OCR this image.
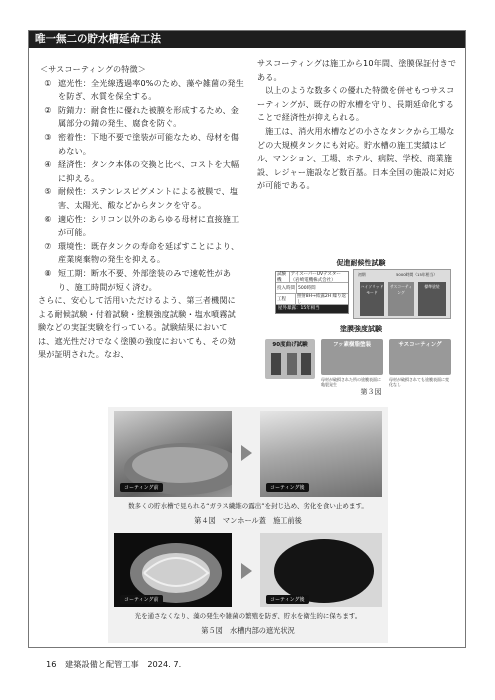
唯一無二の貯水槽延命工法
＜サスコーティングの特徴＞
① 遮光性：全光線透過率0%のため、藻や雑菌の発生を防ぎ、水質を保全する。
② 防錆力：耐食性に優れた被膜を形成するため、金属部分の錆の発生、腐食を防ぐ。
③ 密着性：下地不要で塗装が可能なため、母材を傷めない。
④ 経済性：タンク本体の交換と比べ、コストを大幅に抑える。
⑤ 耐候性：ステンレスピグメントによる被膜で、塩害、太陽光、酸などからタンクを守る。
⑥ 適応性：シリコン以外のあらゆる母材に直接施工が可能。
⑦ 環境性：既存タンクの寿命を延ばすことにより、産業廃棄物の発生を抑える。
⑧ 短工期：断水不要、外部塗装のみで速乾性があり、施工時間が短く済む。
さらに、安心して活用いただけるよう、第三者機関による耐候試験・付着試験・塗膜強度試験・塩水噴霧試験などの実証実験を行っている。試験結果においては、遮光性だけでなく塗膜の強度においても、その効果が証明された。なお、
サスコーティングは施工から10年間、塗膜保証付きである。
以上のような数多くの優れた特徴を併せもつサスコーティングが、既存の貯水槽を守り、長期延命化することで経済性が抑えられる。
施工は、消火用水槽などの小さなタンクから工場などの大規模タンクにも対応。貯水槽の施工実績はビル、マンション、工場、ホテル、病院、学校、商業施設、レジャー施設など数百基。日本全国の施設に対応が可能である。
促進耐候性試験
試験機
アイスーパーUVテスター（岩崎電機株式会社）
投入時間 500時間
工程
照射8H→結露2H 繰り返し
屋外暴露：15年相当
初期	5000時間（15年相当）
ハイソリッドモード
サスコーティング
標準塗装
塗膜強度試験
90度曲げ試験	フッ素樹脂塗装	サスコーティング
母材が破損された所の塗膜表面に亀裂発生
母材が破損されても塗膜表面に変化なし
第３図
コーティング前	コーティング後
数多くの貯水槽で見られる“ガラス繊維の露出”を封じ込め、劣化を食い止めます。
第４図　マンホール蓋　施工前後
コーティング前	コーティング後
光を通さなくなり、藻の発生や雑菌の繁殖を防ぎ、貯水を衛生的に保ちます。
第５図　水槽内部の遮光状況
16 建築設備と配管工事 2024. 7.
